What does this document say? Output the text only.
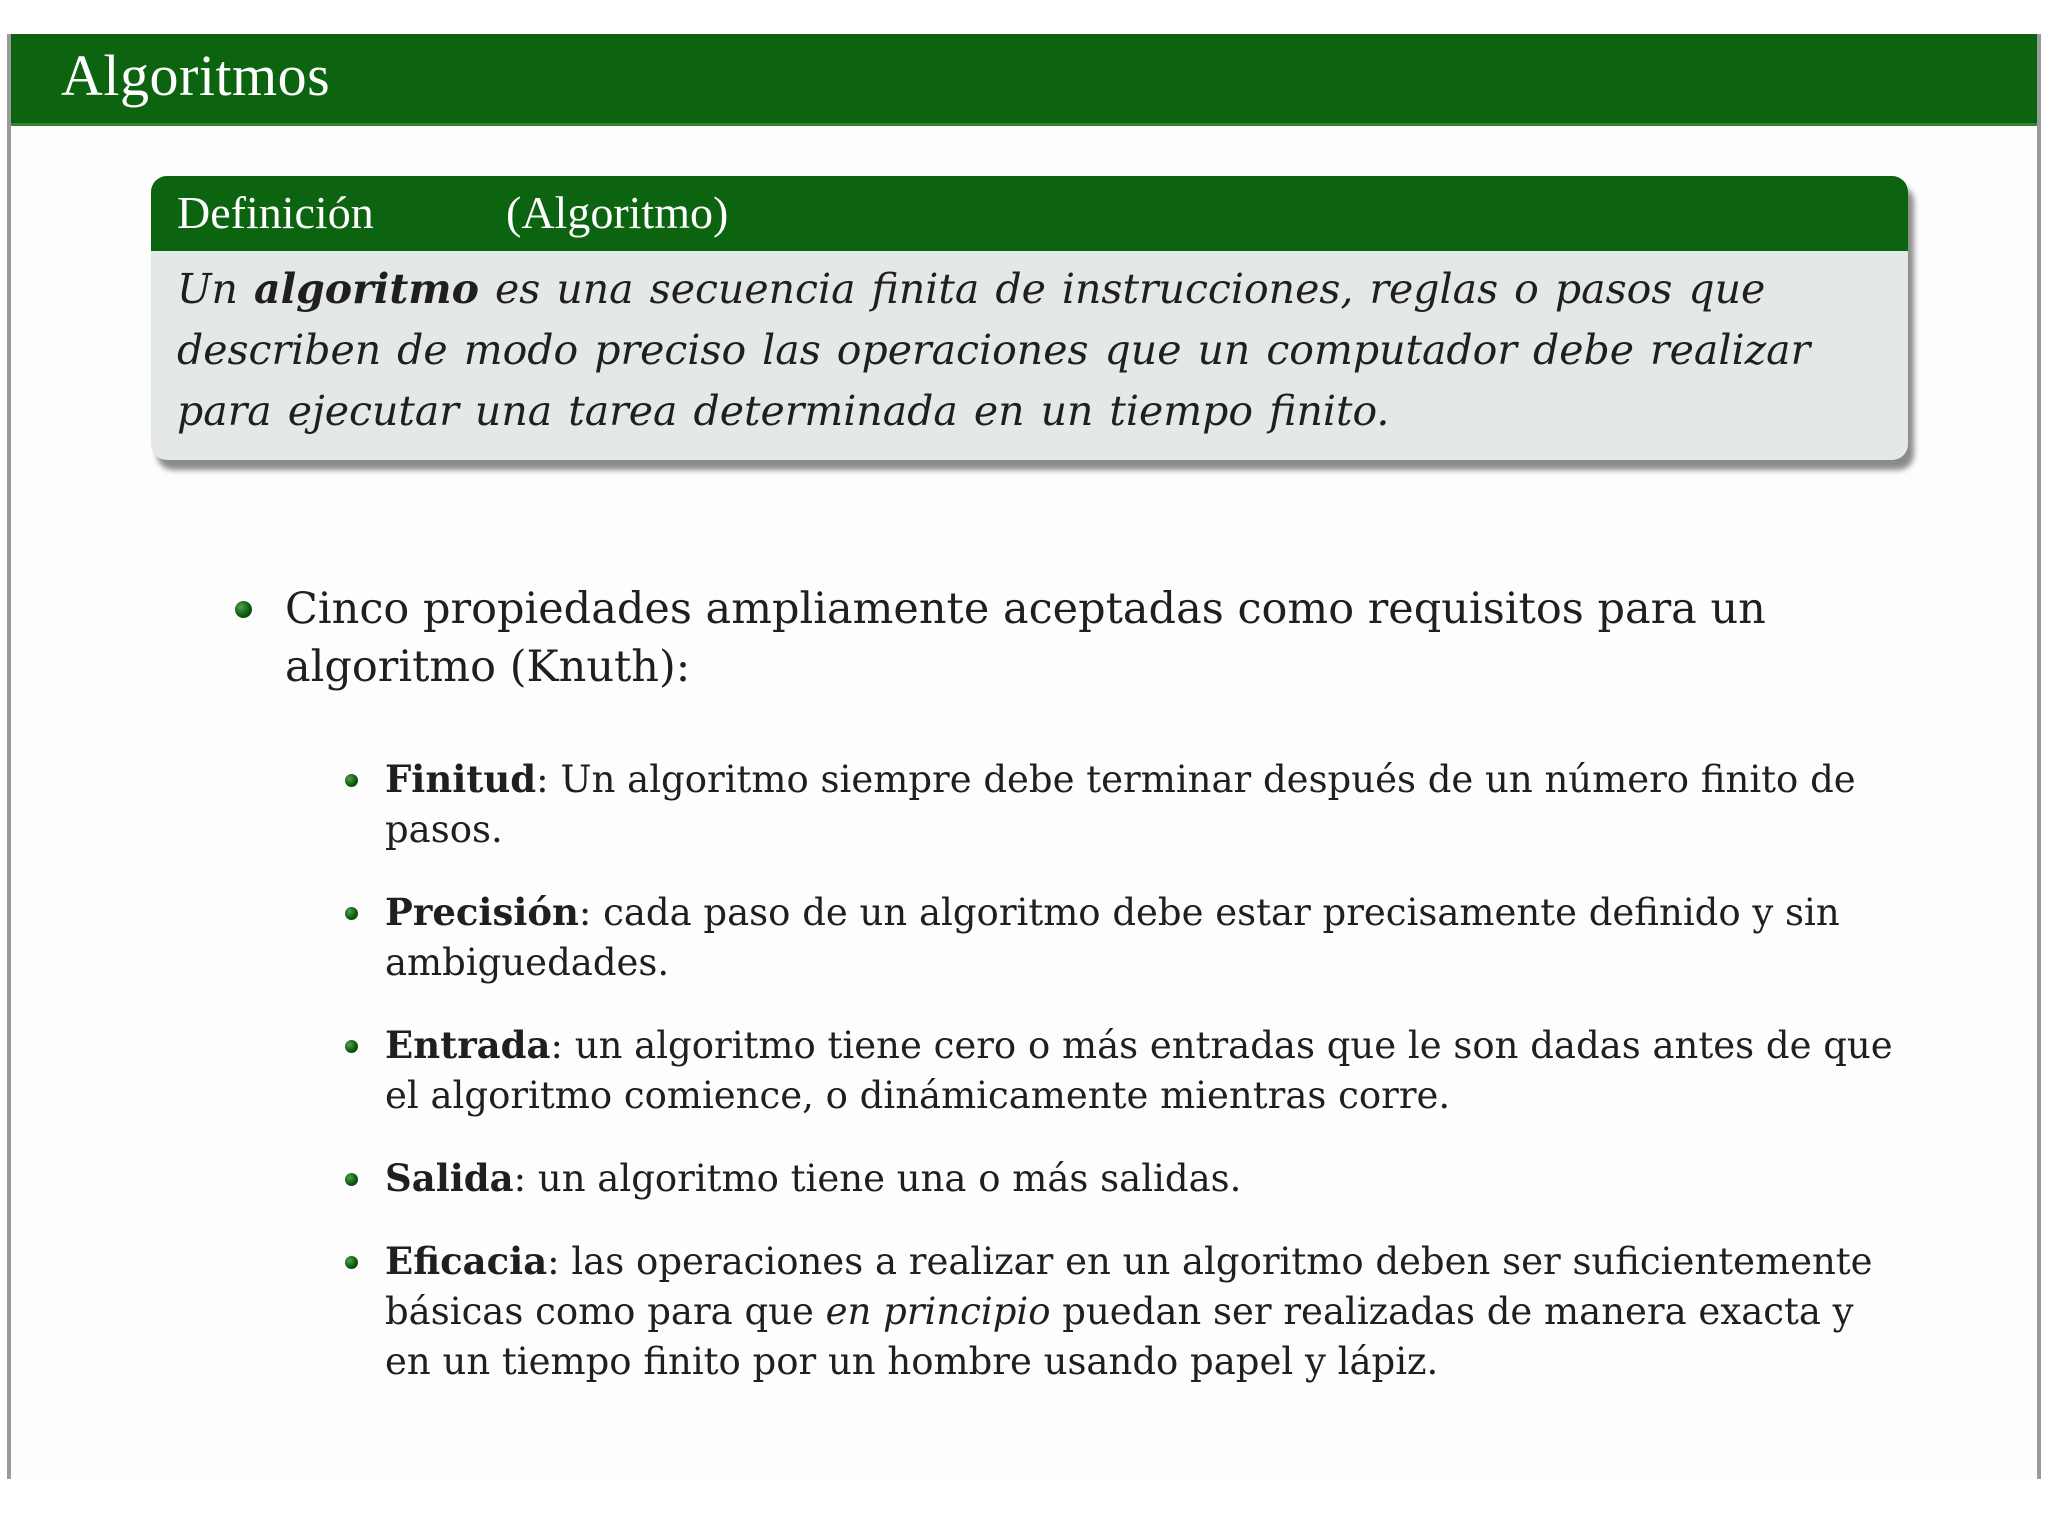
Algoritmos
Definición	(Algoritmo)
Un algoritmo es una secuencia finita de instrucciones, reglas o pasos que describen de modo preciso las operaciones que un computador debe realizar para ejecutar una tarea determinada en un tiempo finito.
Cinco propiedades ampliamente aceptadas como requisitos para un algoritmo (Knuth):
Finitud: Un algoritmo siempre debe terminar después de un número finito de pasos.
Precisión: cada paso de un algoritmo debe estar precisamente definido y sin ambiguedades.
Entrada: un algoritmo tiene cero o más entradas que le son dadas antes de que el algoritmo comience, o dinámicamente mientras corre.
Salida: un algoritmo tiene una o más salidas.
Eficacia: las operaciones a realizar en un algoritmo deben ser suficientemente básicas como para que en principio puedan ser realizadas de manera exacta y en un tiempo finito por un hombre usando papel y lápiz.
